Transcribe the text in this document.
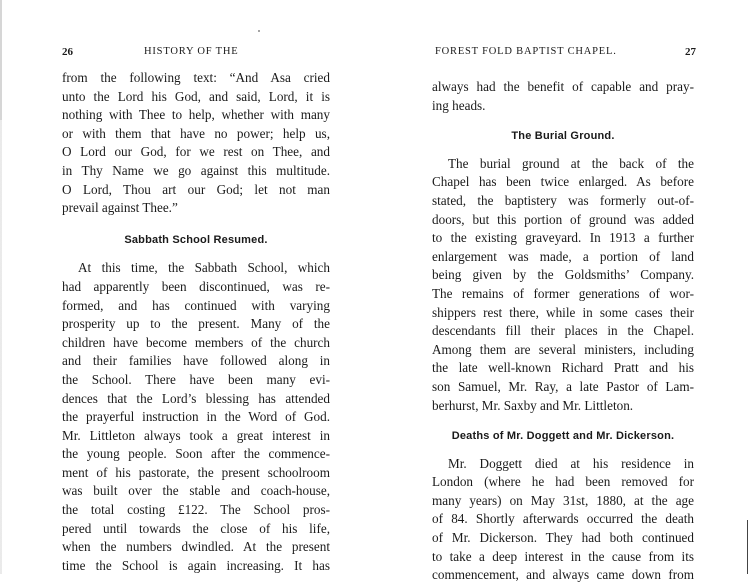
26	HISTORY OF THE
from the following text: “And Asa cried
unto the Lord his God, and said, Lord, it is
nothing with Thee to help, whether with many
or with them that have no power; help us,
O Lord our God, for we rest on Thee, and
in Thy Name we go against this multitude.
O Lord, Thou art our God; let not man
prevail against Thee.”
Sabbath School Resumed.
At this time, the Sabbath School, which
had apparently been discontinued, was re-
formed, and has continued with varying
prosperity up to the present. Many of the
children have become members of the church
and their families have followed along in
the School. There have been many evi-
dences that the Lord’s blessing has attended
the prayerful instruction in the Word of God.
Mr. Littleton always took a great interest in
the young people. Soon after the commence-
ment of his pastorate, the present schoolroom
was built over the stable and coach-house,
the total costing £122. The School pros-
pered until towards the close of his life,
when the numbers dwindled. At the present
time the School is again increasing. It has
FOREST FOLD BAPTIST CHAPEL.	27
always had the benefit of capable and pray-
ing heads.
The Burial Ground.
The burial ground at the back of the
Chapel has been twice enlarged. As before
stated, the baptistery was formerly out-of-
doors, but this portion of ground was added
to the existing graveyard. In 1913 a further
enlargement was made, a portion of land
being given by the Goldsmiths’ Company.
The remains of former generations of wor-
shippers rest there, while in some cases their
descendants fill their places in the Chapel.
Among them are several ministers, including
the late well-known Richard Pratt and his
son Samuel, Mr. Ray, a late Pastor of Lam-
berhurst, Mr. Saxby and Mr. Littleton.
Deaths of Mr. Doggett and Mr. Dickerson.
Mr. Doggett died at his residence in
London (where he had been removed for
many years) on May 31st, 1880, at the age
of 84. Shortly afterwards occurred the death
of Mr. Dickerson. They had both continued
to take a deep interest in the cause from its
commencement, and always came down from
